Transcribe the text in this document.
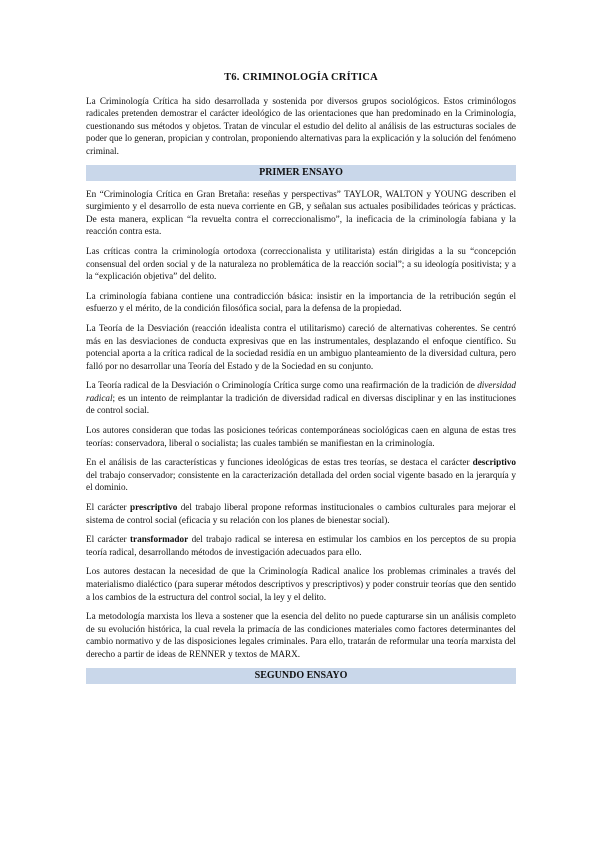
T6. CRIMINOLOGÍA CRÍTICA

La Criminología Crítica ha sido desarrollada y sostenida por diversos grupos sociológicos. Estos criminólogos radicales pretenden demostrar el carácter ideológico de las orientaciones que han predominado en la Criminología, cuestionando sus métodos y objetos. Tratan de vincular el estudio del delito al análisis de las estructuras sociales de poder que lo generan, propician y controlan, proponiendo alternativas para la explicación y la solución del fenómeno criminal.

PRIMER ENSAYO

En “Criminología Crítica en Gran Bretaña: reseñas y perspectivas” TAYLOR, WALTON y YOUNG describen el surgimiento y el desarrollo de esta nueva corriente en GB, y señalan sus actuales posibilidades teóricas y prácticas. De esta manera, explican “la revuelta contra el correccionalismo”, la ineficacia de la criminología fabiana y la reacción contra esta.

Las críticas contra la criminología ortodoxa (correccionalista y utilitarista) están dirigidas a la su “concepción consensual del orden social y de la naturaleza no problemática de la reacción social”; a su ideología positivista; y a la “explicación objetiva” del delito.

La criminología fabiana contiene una contradicción básica: insistir en la importancia de la retribución según el esfuerzo y el mérito, de la condición filosófica social, para la defensa de la propiedad.

La Teoría de la Desviación (reacción idealista contra el utilitarismo) careció de alternativas coherentes. Se centró más en las desviaciones de conducta expresivas que en las instrumentales, desplazando el enfoque científico. Su potencial aporta a la crítica radical de la sociedad residía en un ambiguo planteamiento de la diversidad cultura, pero falló por no desarrollar una Teoría del Estado y de la Sociedad en su conjunto.

La Teoría radical de la Desviación o Criminología Crítica surge como una reafirmación de la tradición de diversidad radical; es un intento de reimplantar la tradición de diversidad radical en diversas disciplinar y en las instituciones de control social.

Los autores consideran que todas las posiciones teóricas contemporáneas sociológicas caen en alguna de estas tres teorías: conservadora, liberal o socialista; las cuales también se manifiestan en la criminología.

En el análisis de las características y funciones ideológicas de estas tres teorías, se destaca el carácter descriptivo del trabajo conservador; consistente en la caracterización detallada del orden social vigente basado en la jerarquía y el dominio.

El carácter prescriptivo del trabajo liberal propone reformas institucionales o cambios culturales para mejorar el sistema de control social (eficacia y su relación con los planes de bienestar social).

El carácter transformador del trabajo radical se interesa en estimular los cambios en los perceptos de su propia teoría radical, desarrollando métodos de investigación adecuados para ello.

Los autores destacan la necesidad de que la Criminología Radical analice los problemas criminales a través del materialismo dialéctico (para superar métodos descriptivos y prescriptivos) y poder construir teorías que den sentido a los cambios de la estructura del control social, la ley y el delito.

La metodología marxista los lleva a sostener que la esencia del delito no puede capturarse sin un análisis completo de su evolución histórica, la cual revela la primacía de las condiciones materiales como factores determinantes del cambio normativo y de las disposiciones legales criminales. Para ello, tratarán de reformular una teoría marxista del derecho a partir de ideas de RENNER y textos de MARX.

SEGUNDO ENSAYO
